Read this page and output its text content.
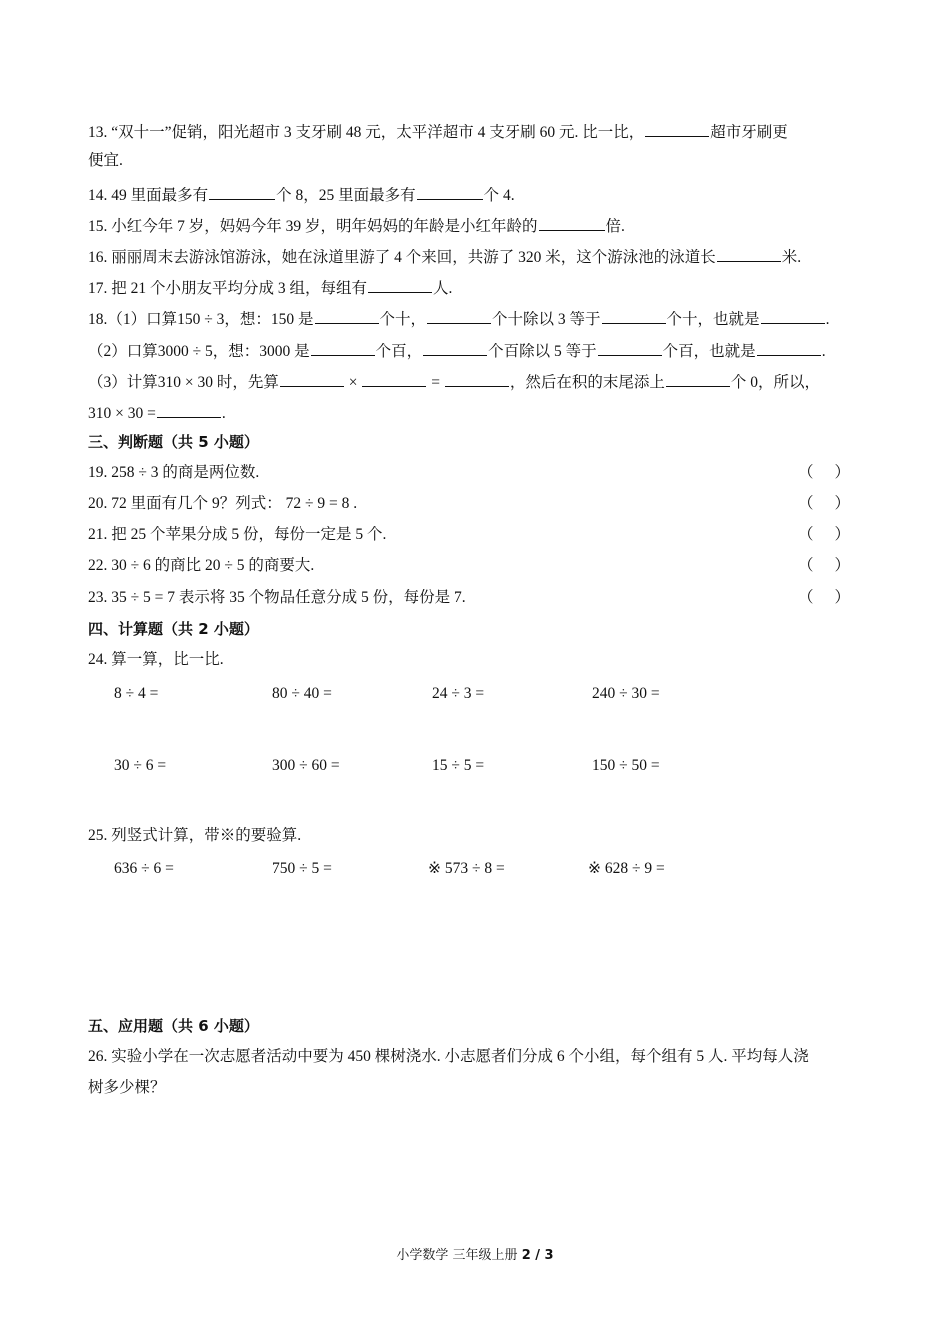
13. “双十一”促销，阳光超市 3 支牙刷 48 元，太平洋超市 4 支牙刷 60 元. 比一比，	超市牙刷更
便宜.
14. 49 里面最多有	个 8，25 里面最多有	个 4.
15. 小红今年 7 岁，妈妈今年 39 岁，明年妈妈的年龄是小红年龄的	倍.
16. 丽丽周末去游泳馆游泳，她在泳道里游了 4 个来回，共游了 320 米，这个游泳池的泳道长	米.
17. 把 21 个小朋友平均分成 3 组，每组有	人.
18.（1）口算150 ÷ 3，想：150 是	个十，	个十除以 3 等于	个十，也就是	.
（2）口算3000 ÷ 5，想：3000 是	个百，	个百除以 5 等于	个百，也就是	.
（3）计算310 × 30 时，先算	×	=	，然后在积的末尾添上	个 0，所以，
310 × 30 =	.
三、判断题（共 5 小题）
19. 258 ÷ 3 的商是两位数.	（ ）
20. 72 里面有几个 9？列式： 72 ÷ 9 = 8 .	（ ）
21. 把 25 个苹果分成 5 份，每份一定是 5 个.	（ ）
22. 30 ÷ 6 的商比 20 ÷ 5 的商要大.	（ ）
23. 35 ÷ 5 = 7 表示将 35 个物品任意分成 5 份，每份是 7.	（ ）
四、计算题（共 2 小题）
24. 算一算，比一比.
8 ÷ 4 =	80 ÷ 40 =	24 ÷ 3 =	240 ÷ 30 =
30 ÷ 6 =	300 ÷ 60 =	15 ÷ 5 =	150 ÷ 50 =
25. 列竖式计算，带※的要验算.
636 ÷ 6 =	750 ÷ 5 =	※ 573 ÷ 8 =	※ 628 ÷ 9 =
五、应用题（共 6 小题）
26. 实验小学在一次志愿者活动中要为 450 棵树浇水. 小志愿者们分成 6 个小组，每个组有 5 人. 平均每人浇
树多少棵？
小学数学 三年级上册 2 / 3
